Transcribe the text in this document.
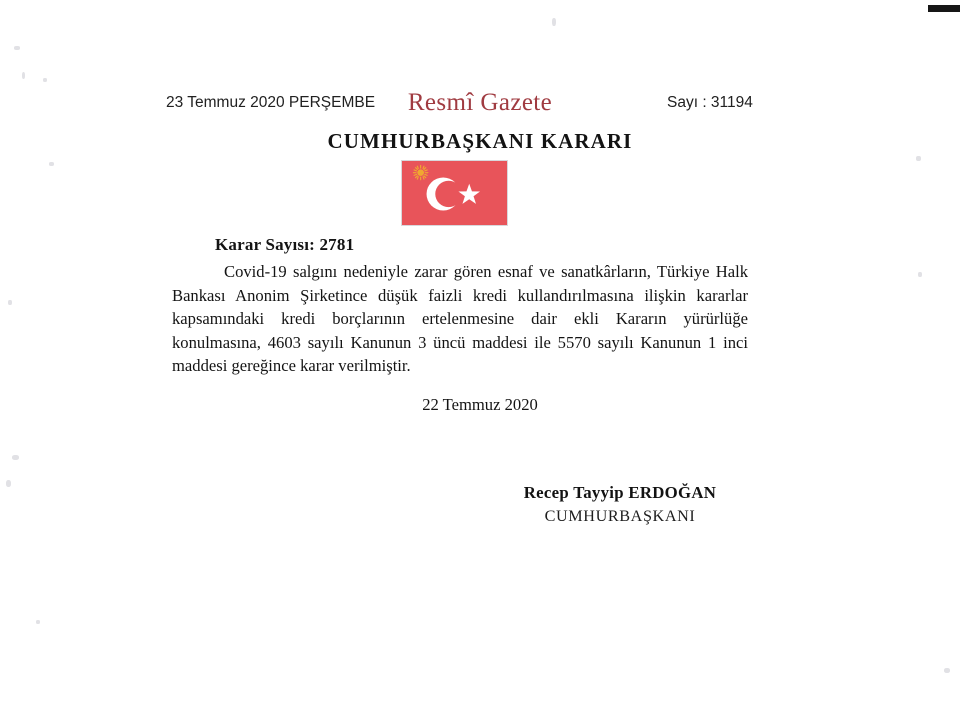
23 Temmuz 2020 PERŞEMBE	Resmî Gazete	Sayı : 31194
CUMHURBAŞKANI KARARI
Karar Sayısı: 2781
Covid-19 salgını nedeniyle zarar gören esnaf ve sanatkârların, Türkiye Halk Bankası Anonim Şirketince düşük faizli kredi kullandırılmasına ilişkin kararlar kapsamındaki kredi borçlarının ertelenmesine dair ekli Kararın yürürlüğe konulmasına, 4603 sayılı Kanunun 3 üncü maddesi ile 5570 sayılı Kanunun 1 inci maddesi gereğince karar verilmiştir.
22 Temmuz 2020
Recep Tayyip ERDOĞAN
CUMHURBAŞKANI
